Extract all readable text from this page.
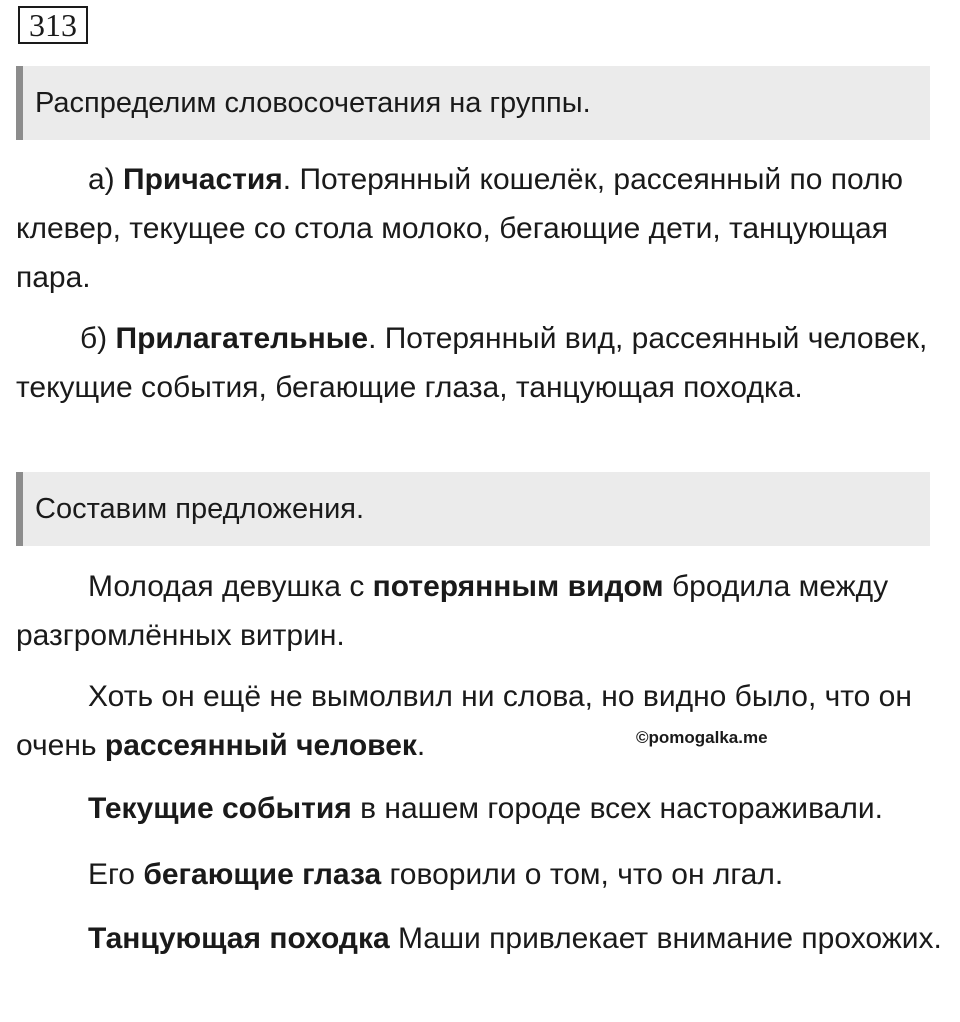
313
Распределим словосочетания на группы.
а) Причастия. Потерянный кошелёк, рассеянный по полю клевер, текущее со стола молоко, бегающие дети, танцующая пара.
б) Прилагательные. Потерянный вид, рассеянный человек, текущие события, бегающие глаза, танцующая походка.
Составим предложения.
Молодая девушка с потерянным видом бродила между разгромлённых витрин.
Хоть он ещё не вымолвил ни слова, но видно было, что он очень рассеянный человек.	©pomogalka.me
Текущие события в нашем городе всех настораживали.
Его бегающие глаза говорили о том, что он лгал.
Танцующая походка Маши привлекает внимание прохожих.
